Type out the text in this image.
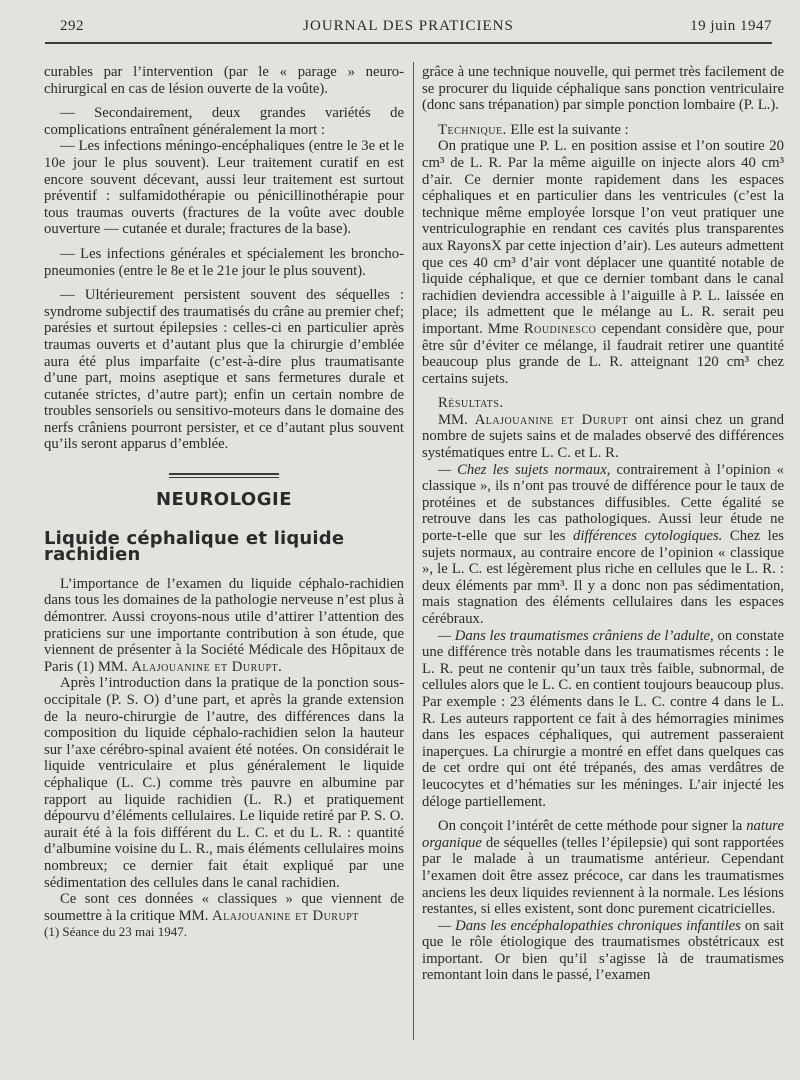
292	JOURNAL DES PRATICIENS	19 juin 1947

curables par l’intervention (par le « parage » neuro-chirurgical en cas de lésion ouverte de la voûte).

— Secondairement, deux grandes variétés de complications entraînent généralement la mort :

— Les infections méningo-encéphaliques (entre le 3e et le 10e jour le plus souvent). Leur traitement curatif en est encore souvent décevant, aussi leur traitement est surtout préventif : sulfamidothérapie ou pénicillinothérapie pour tous traumas ouverts (fractures de la voûte avec double ouverture — cutanée et durale; fractures de la base).

— Les infections générales et spécialement les broncho-pneumonies (entre le 8e et le 21e jour le plus souvent).

— Ultérieurement persistent souvent des séquelles : syndrome subjectif des traumatisés du crâne au premier chef; parésies et surtout épilepsies : celles-ci en particulier après traumas ouverts et d’autant plus que la chirurgie d’emblée aura été plus imparfaite (c’est-à-dire plus traumatisante d’une part, moins aseptique et sans fermetures durale et cutanée strictes, d’autre part); enfin un certain nombre de troubles sensoriels ou sensitivo-moteurs dans le domaine des nerfs crâniens pourront persister, et ce d’autant plus souvent qu’ils seront apparus d’emblée.

NEUROLOGIE
Liquide céphalique et liquide rachidien

L’importance de l’examen du liquide céphalo-rachidien dans tous les domaines de la pathologie nerveuse n’est plus à démontrer. Aussi croyons-nous utile d’attirer l’attention des praticiens sur une importante contribution à son étude, que viennent de présenter à la Société Médicale des Hôpitaux de Paris (1) MM. Alajouanine et Durupt.

Après l’introduction dans la pratique de la ponction sous-occipitale (P. S. O) d’une part, et après la grande extension de la neuro-chirurgie de l’autre, des différences dans la composition du liquide céphalo-rachidien selon la hauteur sur l’axe cérébro-spinal avaient été notées. On considérait le liquide ventriculaire et plus généralement le liquide céphalique (L. C.) comme très pauvre en albumine par rapport au liquide rachidien (L. R.) et pratiquement dépourvu d’éléments cellulaires. Le liquide retiré par P. S. O. aurait été à la fois différent du L. C. et du L. R. : quantité d’albumine voisine du L. R., mais éléments cellulaires moins nombreux; ce dernier fait était expliqué par une sédimentation des cellules dans le canal rachidien.

Ce sont ces données « classiques » que viennent de soumettre à la critique MM. Alajouanine et Durupt

(1) Séance du 23 mai 1947.

grâce à une technique nouvelle, qui permet très facilement de se procurer du liquide céphalique sans ponction ventriculaire (donc sans trépanation) par simple ponction lombaire (P. L.).

Technique. Elle est la suivante :

On pratique une P. L. en position assise et l’on soutire 20 cm³ de L. R. Par la même aiguille on injecte alors 40 cm³ d’air. Ce dernier monte rapidement dans les espaces céphaliques et en particulier dans les ventricules (c’est la technique même employée lorsque l’on veut pratiquer une ventriculographie en rendant ces cavités plus transparentes aux RayonsX par cette injection d’air). Les auteurs admettent que ces 40 cm³ d’air vont déplacer une quantité notable de liquide céphalique, et que ce dernier tombant dans le canal rachidien deviendra accessible à l’aiguille à P. L. laissée en place; ils admettent que le mélange au L. R. serait peu important. Mme Roudinesco cependant considère que, pour être sûr d’éviter ce mélange, il faudrait retirer une quantité beaucoup plus grande de L. R. atteignant 120 cm³ chez certains sujets.

Résultats.

MM. Alajouanine et Durupt ont ainsi chez un grand nombre de sujets sains et de malades observé des différences systématiques entre L. C. et L. R.

— Chez les sujets normaux, contrairement à l’opinion « classique », ils n’ont pas trouvé de différence pour le taux de protéines et de substances diffusibles. Cette égalité se retrouve dans les cas pathologiques. Aussi leur étude ne porte-t-elle que sur les différences cytologiques. Chez les sujets normaux, au contraire encore de l’opinion « classique », le L. C. est légèrement plus riche en cellules que le L. R. : deux éléments par mm³. Il y a donc non pas sédimentation, mais stagnation des éléments cellulaires dans les espaces cérébraux.

— Dans les traumatismes crâniens de l’adulte, on constate une différence très notable dans les traumatismes récents : le L. R. peut ne contenir qu’un taux très faible, subnormal, de cellules alors que le L. C. en contient toujours beaucoup plus. Par exemple : 23 éléments dans le L. C. contre 4 dans le L. R. Les auteurs rapportent ce fait à des hémorragies minimes dans les espaces céphaliques, qui autrement passeraient inaperçues. La chirurgie a montré en effet dans quelques cas de cet ordre qui ont été trépanés, des amas verdâtres de leucocytes et d’hématies sur les méninges. L’air injecté les déloge partiellement.

On conçoit l’intérêt de cette méthode pour signer la nature organique de séquelles (telles l’épilepsie) qui sont rapportées par le malade à un traumatisme antérieur. Cependant l’examen doit être assez précoce, car dans les traumatismes anciens les deux liquides reviennent à la normale. Les lésions restantes, si elles existent, sont donc purement cicatricielles.

— Dans les encéphalopathies chroniques infantiles on sait que le rôle étiologique des traumatismes obstétricaux est important. Or bien qu’il s’agisse là de traumatismes remontant loin dans le passé, l’examen
